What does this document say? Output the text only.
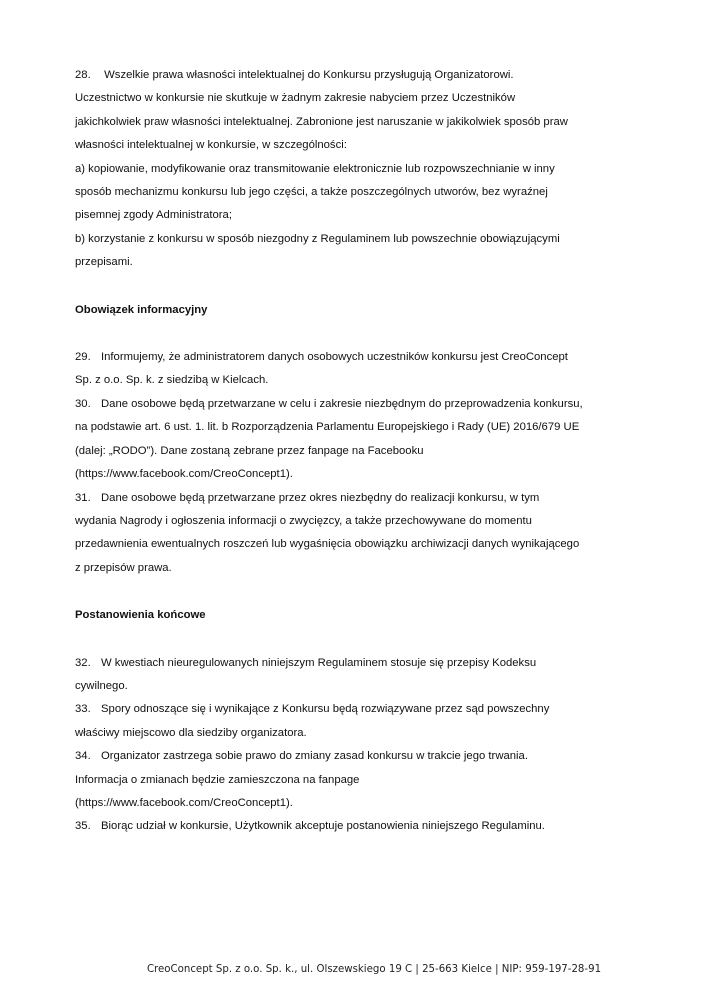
28. Wszelkie prawa własności intelektualnej do Konkursu przysługują Organizatorowi.
Uczestnictwo w konkursie nie skutkuje w żadnym zakresie nabyciem przez Uczestników
jakichkolwiek praw własności intelektualnej. Zabronione jest naruszanie w jakikolwiek sposób praw
własności intelektualnej w konkursie, w szczególności:
a) kopiowanie, modyfikowanie oraz transmitowanie elektronicznie lub rozpowszechnianie w inny
sposób mechanizmu konkursu lub jego części, a także poszczególnych utworów, bez wyraźnej
pisemnej zgody Administratora;
b) korzystanie z konkursu w sposób niezgodny z Regulaminem lub powszechnie obowiązującymi
przepisami.
Obowiązek informacyjny
29. Informujemy, że administratorem danych osobowych uczestników konkursu jest CreoConcept
Sp. z o.o. Sp. k. z siedzibą w Kielcach.
30. Dane osobowe będą przetwarzane w celu i zakresie niezbędnym do przeprowadzenia konkursu,
na podstawie art. 6 ust. 1. lit. b Rozporządzenia Parlamentu Europejskiego i Rady (UE) 2016/679 UE
(dalej: „RODO”). Dane zostaną zebrane przez fanpage na Facebooku
(https://www.facebook.com/CreoConcept1).
31. Dane osobowe będą przetwarzane przez okres niezbędny do realizacji konkursu, w tym
wydania Nagrody i ogłoszenia informacji o zwycięzcy, a także przechowywane do momentu
przedawnienia ewentualnych roszczeń lub wygaśnięcia obowiązku archiwizacji danych wynikającego
z przepisów prawa.
Postanowienia końcowe
32. W kwestiach nieuregulowanych niniejszym Regulaminem stosuje się przepisy Kodeksu
cywilnego.
33. Spory odnoszące się i wynikające z Konkursu będą rozwiązywane przez sąd powszechny
właściwy miejscowo dla siedziby organizatora.
34. Organizator zastrzega sobie prawo do zmiany zasad konkursu w trakcie jego trwania.
Informacja o zmianach będzie zamieszczona na fanpage
(https://www.facebook.com/CreoConcept1).
35. Biorąc udział w konkursie, Użytkownik akceptuje postanowienia niniejszego Regulaminu.
CreoConcept Sp. z o.o. Sp. k., ul. Olszewskiego 19 C | 25-663 Kielce | NIP: 959-197-28-91
